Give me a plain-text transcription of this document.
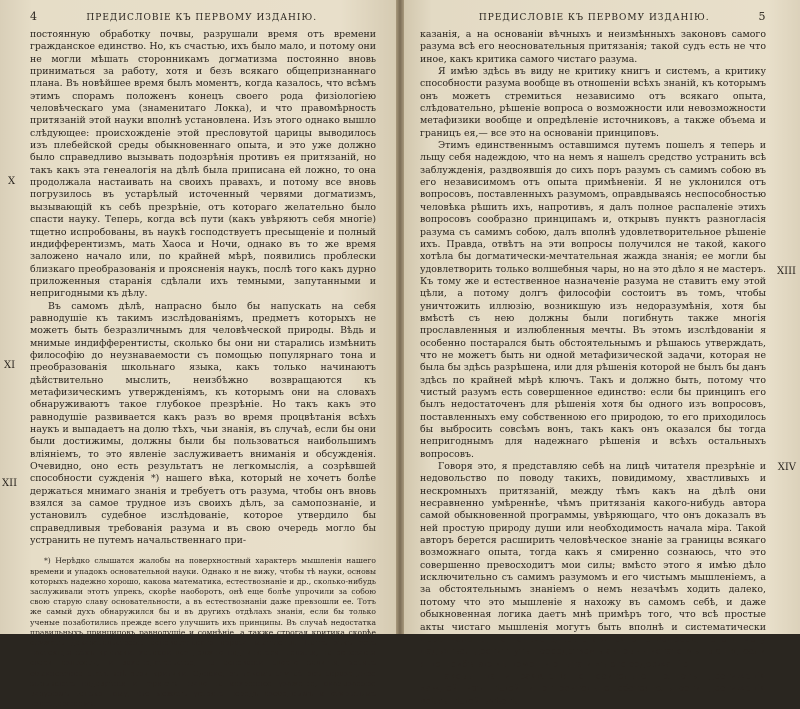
4	ПРЕДИСЛОВІЕ КЪ ПЕРВОМУ ИЗДАНІЮ.

постоянную обработку почвы, разрушали время отъ времени гражданское единство. Но, къ счастью, ихъ было мало, и потому они не могли мѣшать сторонникамъ догматизма постоянно вновь приниматься за работу, хотя и безъ всякаго общепризнаннаго плана. Въ новѣйшее время былъ моментъ, когда казалось, что всѣмъ этимъ спорамъ положенъ конецъ своего рода физіологіею человѣческаго ума (знаменитаго Локка), и что правомѣрность притязаній этой науки вполнѣ установлена. Изъ этого однако вышло слѣдующее: происхожденіе этой пресловутой царицы выводилось изъ плебейской среды обыкновеннаго опыта, и это уже должно было справедливо вызывать подозрѣнія противъ ея притязаній, но такъ какъ эта генеалогія на дѣлѣ была приписана ей ложно, то она продолжала настаивать на своихъ правахъ, и потому все вновь погрузилось въ устарѣлый источенный червями догматизмъ, вызывающій къ себѣ презрѣніе, отъ котораго желательно было спасти науку. Теперь, когда всѣ пути (какъ увѣряютъ себя многіе) тщетно испробованы, въ наукѣ господствуетъ пресыщеніе и полный индифферентизмъ, мать Хаоса и Ночи, однако въ то же время заложено начало или, по крайней мѣрѣ, появились проблески близкаго преобразованія и проясненія наукъ, послѣ того какъ дурно приложенныя старанія сдѣлали ихъ темными, запутанными и непригодными къ дѣлу.

Въ самомъ дѣлѣ, напрасно было бы напускать на себя равнодушіе къ такимъ изслѣдованіямъ, предметъ которыхъ не можетъ быть безразличнымъ для человѣческой природы. Вѣдь и мнимые индифферентисты, сколько бы они ни старались измѣнить философію до неузнаваемости съ помощью популярнаго тона и преобразованія школьнаго языка, какъ только начинаютъ дѣйствительно мыслить, неизбѣжно возвращаются къ метафизическимъ утвержденіямъ, къ которымъ они на словахъ обнаруживаютъ такое глубокое презрѣніе. Но такъ какъ это равнодушіе развивается какъ разъ во время процвѣтанія всѣхъ наукъ и выпадаетъ на долю тѣхъ, чьи знанія, въ случаѣ, если бы они были достижимы, должны были бы пользоваться наибольшимъ вліяніемъ, то это явленіе заслуживаетъ вниманія и обсужденія. Очевидно, оно есть результатъ не легкомыслія, а созрѣвшей способности сужденія *) нашего вѣка, который не хочетъ болѣе держаться мнимаго знанія и требуетъ отъ разума, чтобы онъ вновь взялся за самое трудное изъ своихъ дѣлъ, за самопознаніе, и установилъ судебное изслѣдованіе, которое утвердило бы справедливыя требованія разума и въ свою очередь могло бы устранить не путемъ начальственнаго при-

*) Нерѣдко слышатся жалобы на поверхностный характеръ мышленія нашего времени и упадокъ основательной науки. Однако я не вижу, чтобы тѣ науки, основы которыхъ надежно хорошо, какова математика, естествознаніе и др., сколько-нибудь заслуживали этотъ упрекъ, скорѣе наоборотъ, онѣ еще болѣе упрочили за собою свою старую славу основательности, а въ естествознаніи даже превзошли ее. Тотъ же самый духъ обнаружился бы и въ другихъ отдѣлахъ знанія, если бы только ученые позаботились прежде всего улучшить ихъ принципы. Въ случаѣ недостатка правильныхъ принциповъ равнодушіе и сомнѣніе, а также строгая критика скорѣе служатъ доказательствомъ основательнаго образа мышленія. Нашъ вѣкъ есть настоящій вѣкъ критики, которой все должно подчиняться. Религія, на основаніи своей святости, и законодательство, на основаніи своего величія, хотятъ обыкновенно стать внѣ этой критики. Однако, въ такомъ случаѣ онѣ справедливо вызываютъ подозрѣнія и теряютъ право на искреннее уваженіе, оказываемое разумомъ только тому, что можетъ устоять передъ свободнымъ и открытымъ изслѣдованіемъ.

X
XI
XII
ПРЕДИСЛОВІЕ КЪ ПЕРВОМУ ИЗДАНІЮ.	5

казанія, а на основаніи вѣчныхъ и неизмѣнныхъ законовъ самого разума всѣ его неосновательныя притязанія; такой судъ есть не что иное, какъ критика самого чистаго разума.

Я имѣю здѣсь въ виду не критику книгъ и системъ, а критику способности разума вообще въ отношеніи всѣхъ знаній, къ которымъ онъ можетъ стремиться независимо отъ всякаго опыта, слѣдовательно, рѣшеніе вопроса о возможности или невозможности метафизики вообще и опредѣленіе источниковъ, а также объема и границъ ея,— все это на основаніи принциповъ.

Этимъ единственнымъ оставшимся путемъ пошелъ я теперь и льщу себя надеждою, что на немъ я нашелъ средство устранить всѣ заблужденія, раздвоявшія до сихъ поръ разумъ съ самимъ собою въ его независимомъ отъ опыта примѣненіи. Я не уклонился отъ вопросовъ, поставленныхъ разумомъ, оправдываясь неспособностью человѣка рѣшить ихъ, напротивъ, я далъ полное распаленіе этихъ вопросовъ сообразно принципамъ и, открывъ пунктъ разногласія разума съ самимъ собою, далъ вполнѣ удовлетворительное рѣшеніе ихъ. Правда, отвѣтъ на эти вопросы получился не такой, какого хотѣла бы догматически-мечтательная жажда знанія; ее могли бы удовлетворить только волшебныя чары, но на это дѣло я не мастеръ. Къ тому же и естественное назначеніе разума не ставитъ ему этой цѣли, а потому долгъ философіи состоитъ въ томъ, чтобы уничтожить иллюзію, возникшую изъ недоразумѣнія, хотя бы вмѣстѣ съ нею должны были погибнуть также многія прославленныя и излюбленныя мечты. Въ этомъ изслѣдованіи я особенно постарался быть обстоятельнымъ и рѣшаюсь утверждать, что не можетъ быть ни одной метафизической задачи, которая не была бы здѣсь разрѣшена, или для рѣшенія которой не былъ бы данъ здѣсь по крайней мѣрѣ ключъ. Такъ и должно быть, потому что чистый разумъ есть совершенное единство: если бы принципъ его былъ недостаточенъ для рѣшенія хотя бы одного изъ вопросовъ, поставленныхъ ему собственною его природою, то его приходилось бы выбросить совсѣмъ вонъ, такъ какъ онъ оказался бы тогда непригоднымъ для надежнаго рѣшенія и всѣхъ остальныхъ вопросовъ.

Говоря это, я представляю себѣ на лицѣ читателя презрѣніе и недовольство по поводу такихъ, повидимому, хвастливыхъ и нескромныхъ притязаній, между тѣмъ какъ на дѣлѣ они несравненно умѣреннѣе, чѣмъ притязанія какого-нибудь автора самой обыкновенной программы, увѣряющаго, что онъ доказалъ въ ней простую природу души или необходимость начала міра. Такой авторъ берется расширить человѣческое знаніе за границы всякаго возможнаго опыта, тогда какъ я смиренно сознаюсь, что это совершенно превосходитъ мои силы; вмѣсто этого я имѣю дѣло исключительно съ самимъ разумомъ и его чистымъ мышленіемъ, а за обстоятельнымъ знаніемъ о немъ незачѣмъ ходить далеко, потому что это мышленіе я нахожу въ самомъ себѣ, и даже обыкновенная логика даетъ мнѣ примѣръ того, что всѣ простые акты чистаго мышленія могутъ быть вполнѣ и систематически перечислены; но только здѣсь ставится еще вопросъ, чего я могу надѣяться достигнуть посредствомъ актовъ чистаго мышленія, если я не прибѣгаю къ помощи опыта и къ его содержанію.

Таковы наши заявленія относительно полноты достиженія каждой изъ цѣлей и относительно обстоятельности достиженія всѣхъ цѣлей вмѣстѣ,

XIII
XIV
